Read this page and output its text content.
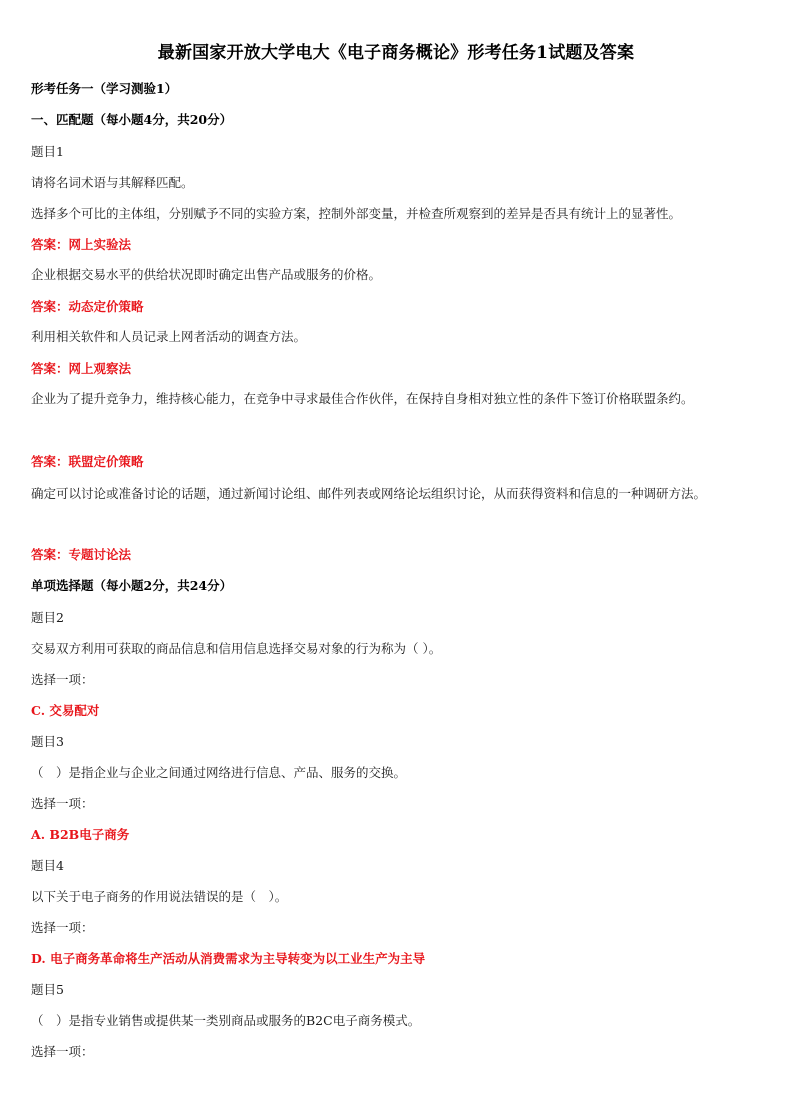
最新国家开放大学电大《电子商务概论》形考任务1试题及答案
形考任务一（学习测验1）
一、匹配题（每小题4分，共20分）
题目1
请将名词术语与其解释匹配。
选择多个可比的主体组，分别赋予不同的实验方案，控制外部变量，并检查所观察到的差异是否具有统计上的显著性。
答案：网上实验法
企业根据交易水平的供给状况即时确定出售产品或服务的价格。
答案：动态定价策略
利用相关软件和人员记录上网者活动的调查方法。
答案：网上观察法
企业为了提升竞争力，维持核心能力，在竞争中寻求最佳合作伙伴，在保持自身相对独立性的条件下签订价格联盟条约。
答案：联盟定价策略
确定可以讨论或准备讨论的话题，通过新闻讨论组、邮件列表或网络论坛组织讨论，从而获得资料和信息的一种调研方法。
答案：专题讨论法
单项选择题（每小题2分，共24分）
题目2
交易双方利用可获取的商品信息和信用信息选择交易对象的行为称为（ ）。
选择一项：
C. 交易配对
题目3
（　）是指企业与企业之间通过网络进行信息、产品、服务的交换。
选择一项：
A. B2B电子商务
题目4
以下关于电子商务的作用说法错误的是（　）。
选择一项：
D. 电子商务革命将生产活动从消费需求为主导转变为以工业生产为主导
题目5
（　）是指专业销售或提供某一类别商品或服务的B2C电子商务模式。
选择一项：
